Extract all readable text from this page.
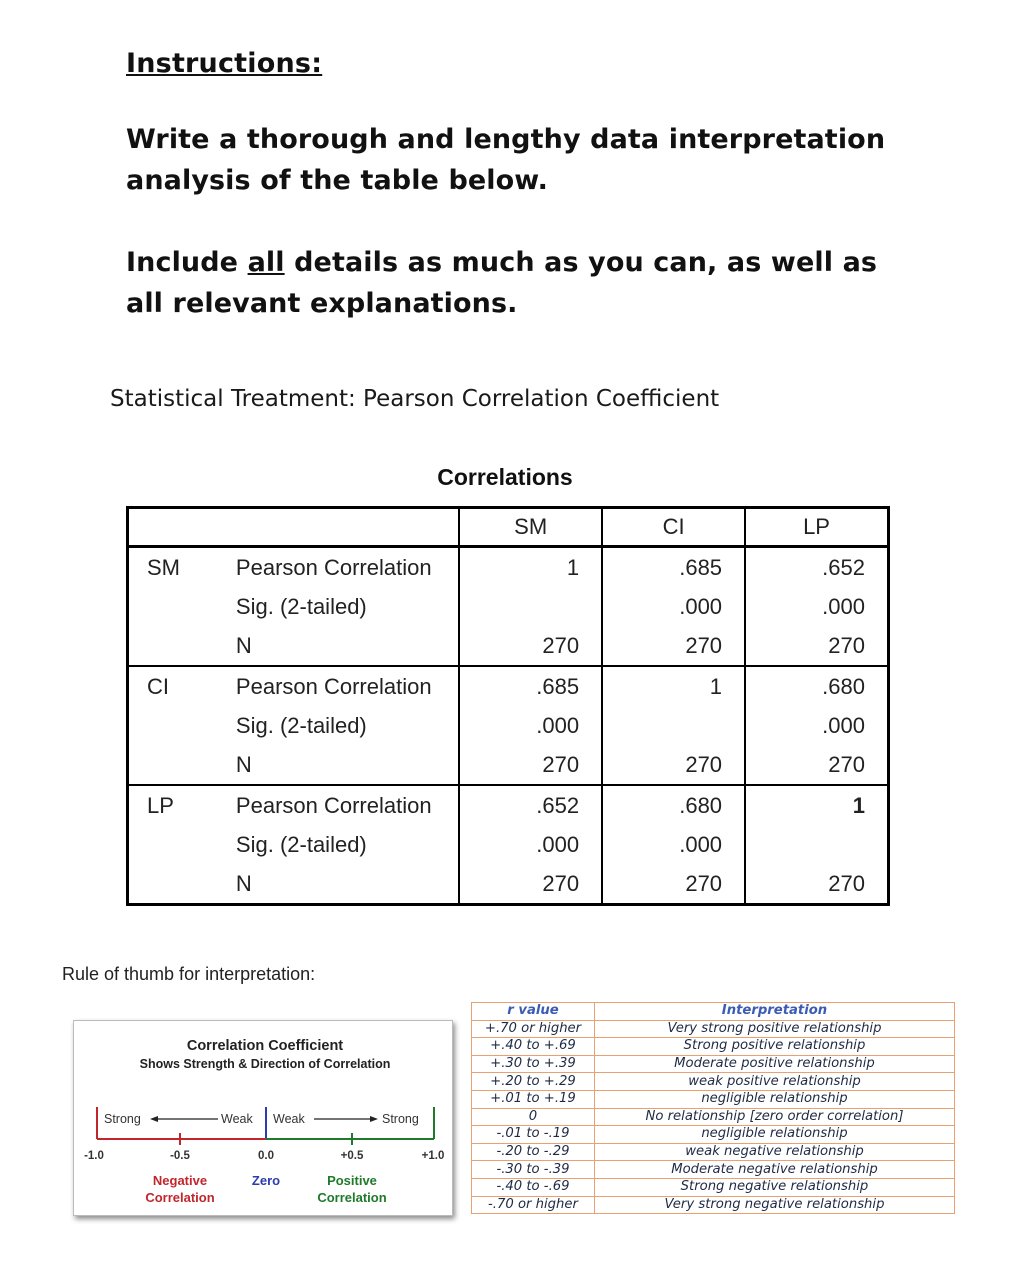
Instructions:

Write a thorough and lengthy data interpretation analysis of the table below.

Include all details as much as you can, as well as all relevant explanations.

Statistical Treatment: Pearson Correlation Coefficient
Correlations
		SM	CI	LP
SM	Pearson Correlation	1	.685	.652
	Sig. (2-tailed)		.000	.000
	N	270	270	270
CI	Pearson Correlation	.685	1	.680
	Sig. (2-tailed)	.000		.000
	N	270	270	270
LP	Pearson Correlation	.652	.680	1
	Sig. (2-tailed)	.000	.000	
	N	270	270	270
Rule of thumb for interpretation:
Correlation Coefficient
Shows Strength & Direction of Correlation
Strong	Weak Weak	Strong
-1.0	-0.5	0.0	+0.5	+1.0
Negative
Correlation
Zero	Positive
Correlation
r value	Interpretation
+.70 or higher	Very strong positive relationship
+.40 to +.69	Strong positive relationship
+.30 to +.39	Moderate positive relationship
+.20 to +.29	weak positive relationship
+.01 to +.19	negligible relationship
0	No relationship [zero order correlation]
-.01 to -.19	negligible relationship
-.20 to -.29	weak negative relationship
-.30 to -.39	Moderate negative relationship
-.40 to -.69	Strong negative relationship
-.70 or higher	Very strong negative relationship
